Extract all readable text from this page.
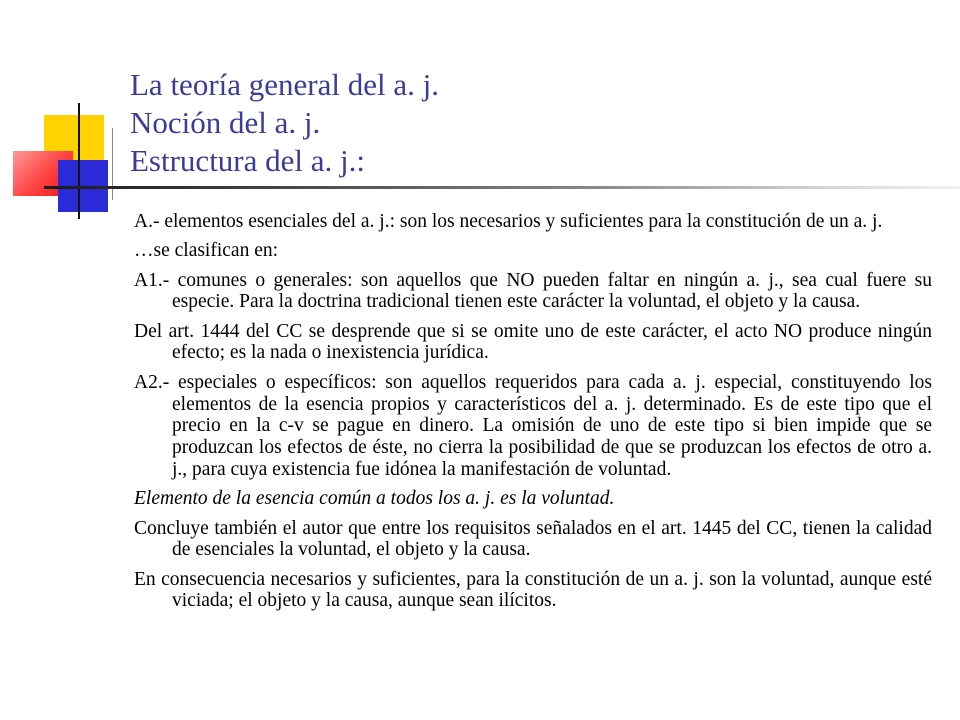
La teoría general del a. j.
Noción del a. j.
Estructura del a. j.:

A.- elementos esenciales del a. j.: son los necesarios y suficientes para la constitución de un a. j.

…se clasifican en:

A1.- comunes o generales: son aquellos que NO pueden faltar en ningún a. j., sea cual fuere su especie. Para la doctrina tradicional tienen este carácter la voluntad, el objeto y la causa.

Del art. 1444 del CC se desprende que si se omite uno de este carácter, el acto NO produce ningún efecto; es la nada o inexistencia jurídica.

A2.- especiales o específicos: son aquellos requeridos para cada a. j. especial, constituyendo los elementos de la esencia propios y característicos del a. j. determinado. Es de este tipo que el precio en la c-v se pague en dinero. La omisión de uno de este tipo si bien impide que se produzcan los efectos de éste, no cierra la posibilidad de que se produzcan los efectos de otro a. j., para cuya existencia fue idónea la manifestación de voluntad.

Elemento de la esencia común a todos los a. j. es la voluntad.

Concluye también el autor que entre los requisitos señalados en el art. 1445 del CC, tienen la calidad de esenciales la voluntad, el objeto y la causa.

En consecuencia necesarios y suficientes, para la constitución de un a. j. son la voluntad, aunque esté viciada; el objeto y la causa, aunque sean ilícitos.
